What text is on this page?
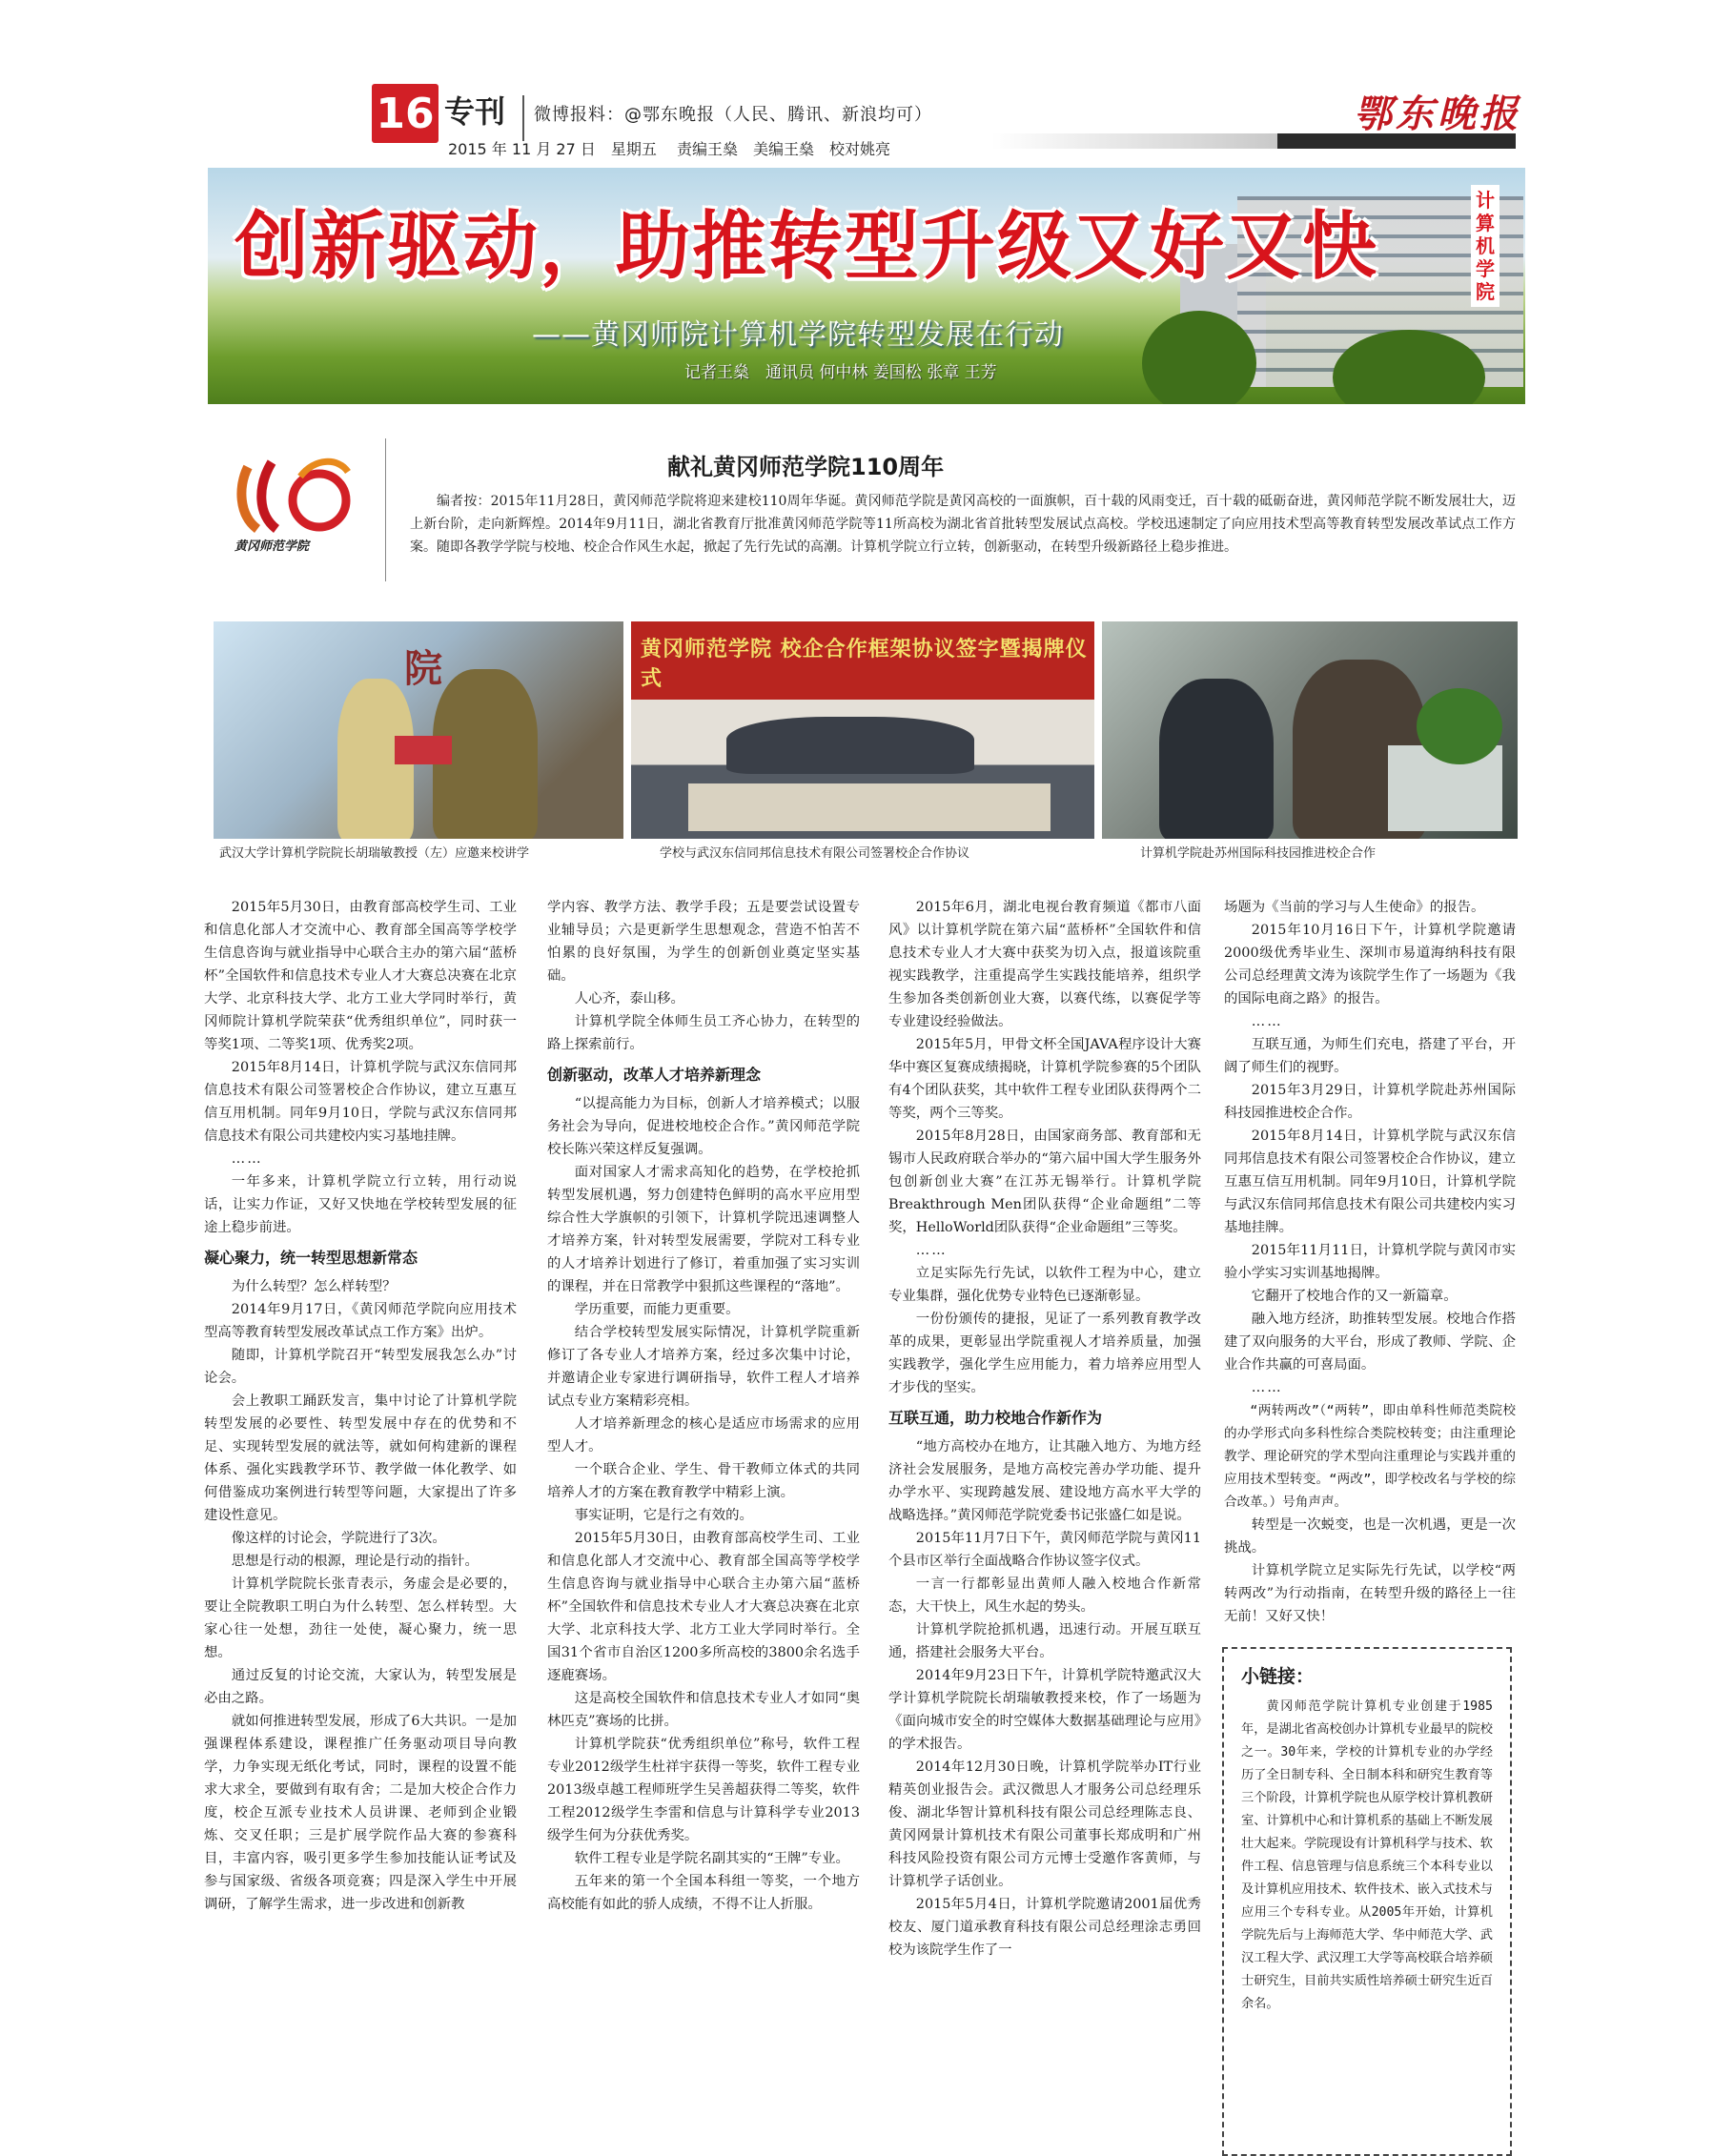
16 专刊 微博报料：@鄂东晚报（人民、腾讯、新浪均可）
2015 年 11 月 27 日　星期五　 责编王燊　美编王燊　校对姚亮
鄂东晚报
创新驱动，助推转型升级又好又快
——黄冈师院计算机学院转型发展在行动
记者王燊　通讯员 何中林 姜国松 张章 王芳
计算机学院
黄冈师范学院
献礼黄冈师范学院110周年
编者按：2015年11月28日，黄冈师范学院将迎来建校110周年华诞。黄冈师范学院是黄冈高校的一面旗帜，百十载的风雨变迁，百十载的砥砺奋进，黄冈师范学院不断发展壮大，迈上新台阶，走向新辉煌。2014年9月11日，湖北省教育厅批准黄冈师范学院等11所高校为湖北省首批转型发展试点高校。学校迅速制定了向应用技术型高等教育转型发展改革试点工作方案。随即各教学学院与校地、校企合作风生水起，掀起了先行先试的高潮。计算机学院立行立转，创新驱动，在转型升级新路径上稳步推进。
院	黄冈师范学院 校企合作框架协议签字暨揭牌仪式
武汉大学计算机学院院长胡瑞敏教授（左）应邀来校讲学	学校与武汉东信同邦信息技术有限公司签署校企合作协议	计算机学院赴苏州国际科技园推进校企合作

2015年5月30日，由教育部高校学生司、工业和信息化部人才交流中心、教育部全国高等学校学生信息咨询与就业指导中心联合主办的第六届“蓝桥杯”全国软件和信息技术专业人才大赛总决赛在北京大学、北京科技大学、北方工业大学同时举行，黄冈师院计算机学院荣获“优秀组织单位”，同时获一等奖1项、二等奖1项、优秀奖2项。

2015年8月14日，计算机学院与武汉东信同邦信息技术有限公司签署校企合作协议，建立互惠互信互用机制。同年9月10日，学院与武汉东信同邦信息技术有限公司共建校内实习基地挂牌。

……

一年多来，计算机学院立行立转，用行动说话，让实力作证，又好又快地在学校转型发展的征途上稳步前进。

凝心聚力，统一转型思想新常态

为什么转型？怎么样转型？

2014年9月17日，《黄冈师范学院向应用技术型高等教育转型发展改革试点工作方案》出炉。

随即，计算机学院召开“转型发展我怎么办”讨论会。

会上教职工踊跃发言，集中讨论了计算机学院转型发展的必要性、转型发展中存在的优势和不足、实现转型发展的就法等，就如何构建新的课程体系、强化实践教学环节、教学做一体化教学、如何借鉴成功案例进行转型等问题，大家提出了许多建设性意见。

像这样的讨论会，学院进行了3次。

思想是行动的根源，理论是行动的指针。

计算机学院院长张青表示，务虚会是必要的，要让全院教职工明白为什么转型、怎么样转型。大家心往一处想，劲往一处使，凝心聚力，统一思想。

通过反复的讨论交流，大家认为，转型发展是必由之路。

就如何推进转型发展，形成了6大共识。一是加强课程体系建设，课程推广任务驱动项目导向教学，力争实现无纸化考试，同时，课程的设置不能求大求全，要做到有取有舍；二是加大校企合作力度，校企互派专业技术人员讲课、老师到企业锻炼、交叉任职；三是扩展学院作品大赛的参赛科目，丰富内容，吸引更多学生参加技能认证考试及参与国家级、省级各项竞赛；四是深入学生中开展调研，了解学生需求，进一步改进和创新教

学内容、教学方法、教学手段；五是要尝试设置专业辅导员；六是更新学生思想观念，营造不怕苦不怕累的良好氛围，为学生的创新创业奠定坚实基础。

人心齐，泰山移。

计算机学院全体师生员工齐心协力，在转型的路上探索前行。

创新驱动，改革人才培养新理念

“以提高能力为目标，创新人才培养模式；以服务社会为导向，促进校地校企合作。”黄冈师范学院校长陈兴荣这样反复强调。

面对国家人才需求高知化的趋势，在学校抢抓转型发展机遇，努力创建特色鲜明的高水平应用型综合性大学旗帜的引领下，计算机学院迅速调整人才培养方案，针对转型发展需要，学院对工科专业的人才培养计划进行了修订，着重加强了实习实训的课程，并在日常教学中狠抓这些课程的“落地”。

学历重要，而能力更重要。

结合学校转型发展实际情况，计算机学院重新修订了各专业人才培养方案，经过多次集中讨论，并邀请企业专家进行调研指导，软件工程人才培养试点专业方案精彩亮相。

人才培养新理念的核心是适应市场需求的应用型人才。

一个联合企业、学生、骨干教师立体式的共同培养人才的方案在教育教学中精彩上演。

事实证明，它是行之有效的。

2015年5月30日，由教育部高校学生司、工业和信息化部人才交流中心、教育部全国高等学校学生信息咨询与就业指导中心联合主办第六届“蓝桥杯”全国软件和信息技术专业人才大赛总决赛在北京大学、北京科技大学、北方工业大学同时举行。全国31个省市自治区1200多所高校的3800余名选手逐鹿赛场。

这是高校全国软件和信息技术专业人才如同“奥林匹克”赛场的比拼。

计算机学院获“优秀组织单位”称号，软件工程专业2012级学生杜祥宇获得一等奖，软件工程专业2013级卓越工程师班学生吴善超获得二等奖，软件工程2012级学生李雷和信息与计算科学专业2013级学生何为分获优秀奖。

软件工程专业是学院名副其实的“王牌”专业。

五年来的第一个全国本科组一等奖，一个地方高校能有如此的骄人成绩，不得不让人折服。

2015年6月，湖北电视台教育频道《都市八面风》以计算机学院在第六届“蓝桥杯”全国软件和信息技术专业人才大赛中获奖为切入点，报道该院重视实践教学，注重提高学生实践技能培养，组织学生参加各类创新创业大赛，以赛代练，以赛促学等专业建设经验做法。

2015年5月，甲骨文杯全国JAVA程序设计大赛华中赛区复赛成绩揭晓，计算机学院参赛的5个团队有4个团队获奖，其中软件工程专业团队获得两个二等奖，两个三等奖。

2015年8月28日，由国家商务部、教育部和无锡市人民政府联合举办的“第六届中国大学生服务外包创新创业大赛”在江苏无锡举行。计算机学院Breakthrough Men团队获得“企业命题组”二等奖，HelloWorld团队获得“企业命题组”三等奖。

……

立足实际先行先试，以软件工程为中心，建立专业集群，强化优势专业特色已逐渐彰显。

一份份颁传的捷报，见证了一系列教育教学改革的成果，更彰显出学院重视人才培养质量，加强实践教学，强化学生应用能力，着力培养应用型人才步伐的坚实。

互联互通，助力校地合作新作为

“地方高校办在地方，让其融入地方、为地方经济社会发展服务，是地方高校完善办学功能、提升办学水平、实现跨越发展、建设地方高水平大学的战略选择。”黄冈师范学院党委书记张盛仁如是说。

2015年11月7日下午，黄冈师范学院与黄冈11个县市区举行全面战略合作协议签字仪式。

一言一行都彰显出黄师人融入校地合作新常态，大干快上，风生水起的势头。

计算机学院抢抓机遇，迅速行动。开展互联互通，搭建社会服务大平台。

2014年9月23日下午，计算机学院特邀武汉大学计算机学院院长胡瑞敏教授来校，作了一场题为《面向城市安全的时空媒体大数据基础理论与应用》的学术报告。

2014年12月30日晚，计算机学院举办IT行业精英创业报告会。武汉微思人才服务公司总经理乐俊、湖北华智计算机科技有限公司总经理陈志良、黄冈网景计算机技术有限公司董事长郑成明和广州科技风险投资有限公司方元博士受邀作客黄师，与计算机学子话创业。

2015年5月4日，计算机学院邀请2001届优秀校友、厦门道承教育科技有限公司总经理涂志勇回校为该院学生作了一

场题为《当前的学习与人生使命》的报告。

2015年10月16日下午，计算机学院邀请2000级优秀毕业生、深圳市易道海纳科技有限公司总经理黄文涛为该院学生作了一场题为《我的国际电商之路》的报告。

……

互联互通，为师生们充电，搭建了平台，开阔了师生们的视野。

2015年3月29日，计算机学院赴苏州国际科技园推进校企合作。

2015年8月14日，计算机学院与武汉东信同邦信息技术有限公司签署校企合作协议，建立互惠互信互用机制。同年9月10日，计算机学院与武汉东信同邦信息技术有限公司共建校内实习基地挂牌。

2015年11月11日，计算机学院与黄冈市实验小学实习实训基地揭牌。

它翻开了校地合作的又一新篇章。

融入地方经济，助推转型发展。校地合作搭建了双向服务的大平台，形成了教师、学院、企业合作共赢的可喜局面。

……

“两转两改”（“两转”，即由单科性师范类院校的办学形式向多科性综合类院校转变；由注重理论教学、理论研究的学术型向注重理论与实践并重的应用技术型转变。“两改”，即学校改名与学校的综合改革。）号角声声。

转型是一次蜕变，也是一次机遇，更是一次挑战。

计算机学院立足实际先行先试，以学校“两转两改”为行动指南，在转型升级的路径上一往无前！又好又快！

小链接：
黄冈师范学院计算机专业创建于1985年，是湖北省高校创办计算机专业最早的院校之一。30年来，学校的计算机专业的办学经历了全日制专科、全日制本科和研究生教育等三个阶段，计算机学院也从原学校计算机教研室、计算机中心和计算机系的基础上不断发展壮大起来。学院现设有计算机科学与技术、软件工程、信息管理与信息系统三个本科专业以及计算机应用技术、软件技术、嵌入式技术与应用三个专科专业。从2005年开始，计算机学院先后与上海师范大学、华中师范大学、武汉工程大学、武汉理工大学等高校联合培养硕士研究生，目前共实质性培养硕士研究生近百余名。
